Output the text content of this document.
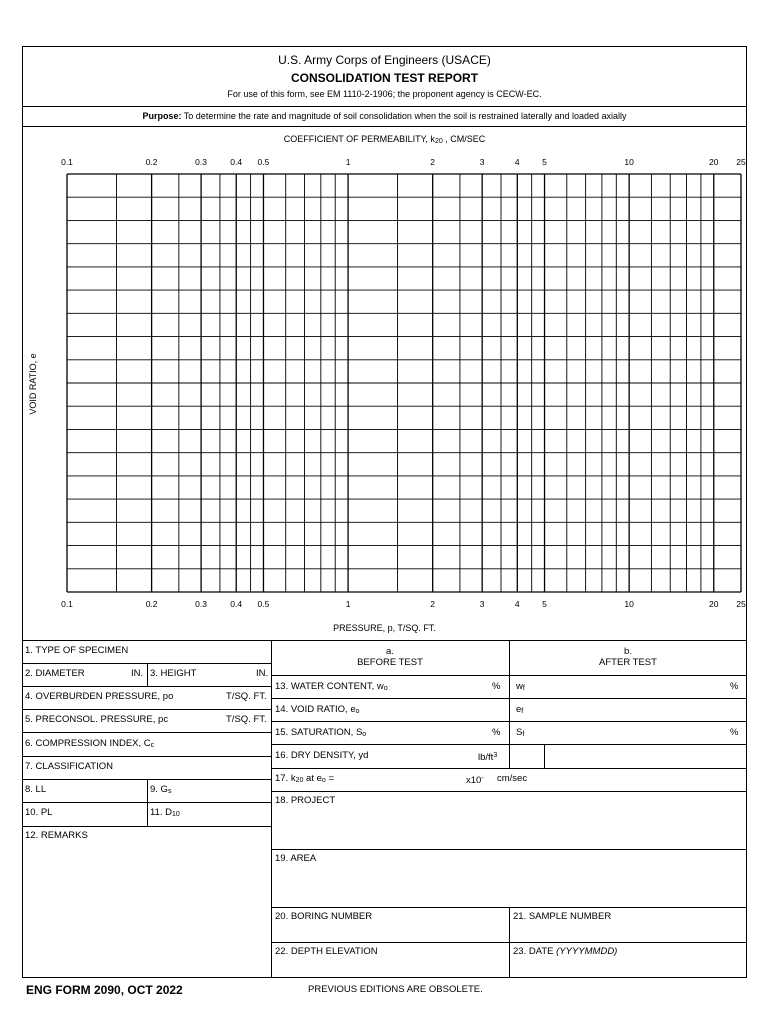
U.S. Army Corps of Engineers (USACE)
CONSOLIDATION TEST REPORT
For use of this form, see EM 1110-2-1906; the proponent agency is CECW-EC.
Purpose: To determine the rate and magnitude of soil consolidation when the soil is restrained laterally and loaded axially
COEFFICIENT OF PERMEABILITY, k20 , CM/SEC
0.1	0.2	0.3	0.4 0.5	1	2	3	4	5	10	20 25
0.1	0.2	0.3	0.4 0.5	1	2	3	4	5	10	20 25
VOID RATIO, e
PRESSURE, p, T/SQ. FT.
1. TYPE OF SPECIMEN
2. DIAMETER	IN. 3. HEIGHT	IN.
4. OVERBURDEN PRESSURE, po	T/SQ. FT.
5. PRECONSOL. PRESSURE, pc	T/SQ. FT.
6. COMPRESSION INDEX, Cc
7. CLASSIFICATION
8. LL	9. Gs
10. PL	11. D10
12. REMARKS
a.
BEFORE TEST
b.
AFTER TEST
13. WATER CONTENT, wo	% wf	%
14. VOID RATIO, eo	ef
15. SATURATION, So	% Sf	%
16. DRY DENSITY, yd	$lb/ft^3$
17. k20 at eo =	x10- cm/sec
18. PROJECT
19. AREA
20. BORING NUMBER	21. SAMPLE NUMBER
22. DEPTH ELEVATION	23. DATE (YYYYMMDD)
ENG FORM 2090, OCT 2022	PREVIOUS EDITIONS ARE OBSOLETE.
